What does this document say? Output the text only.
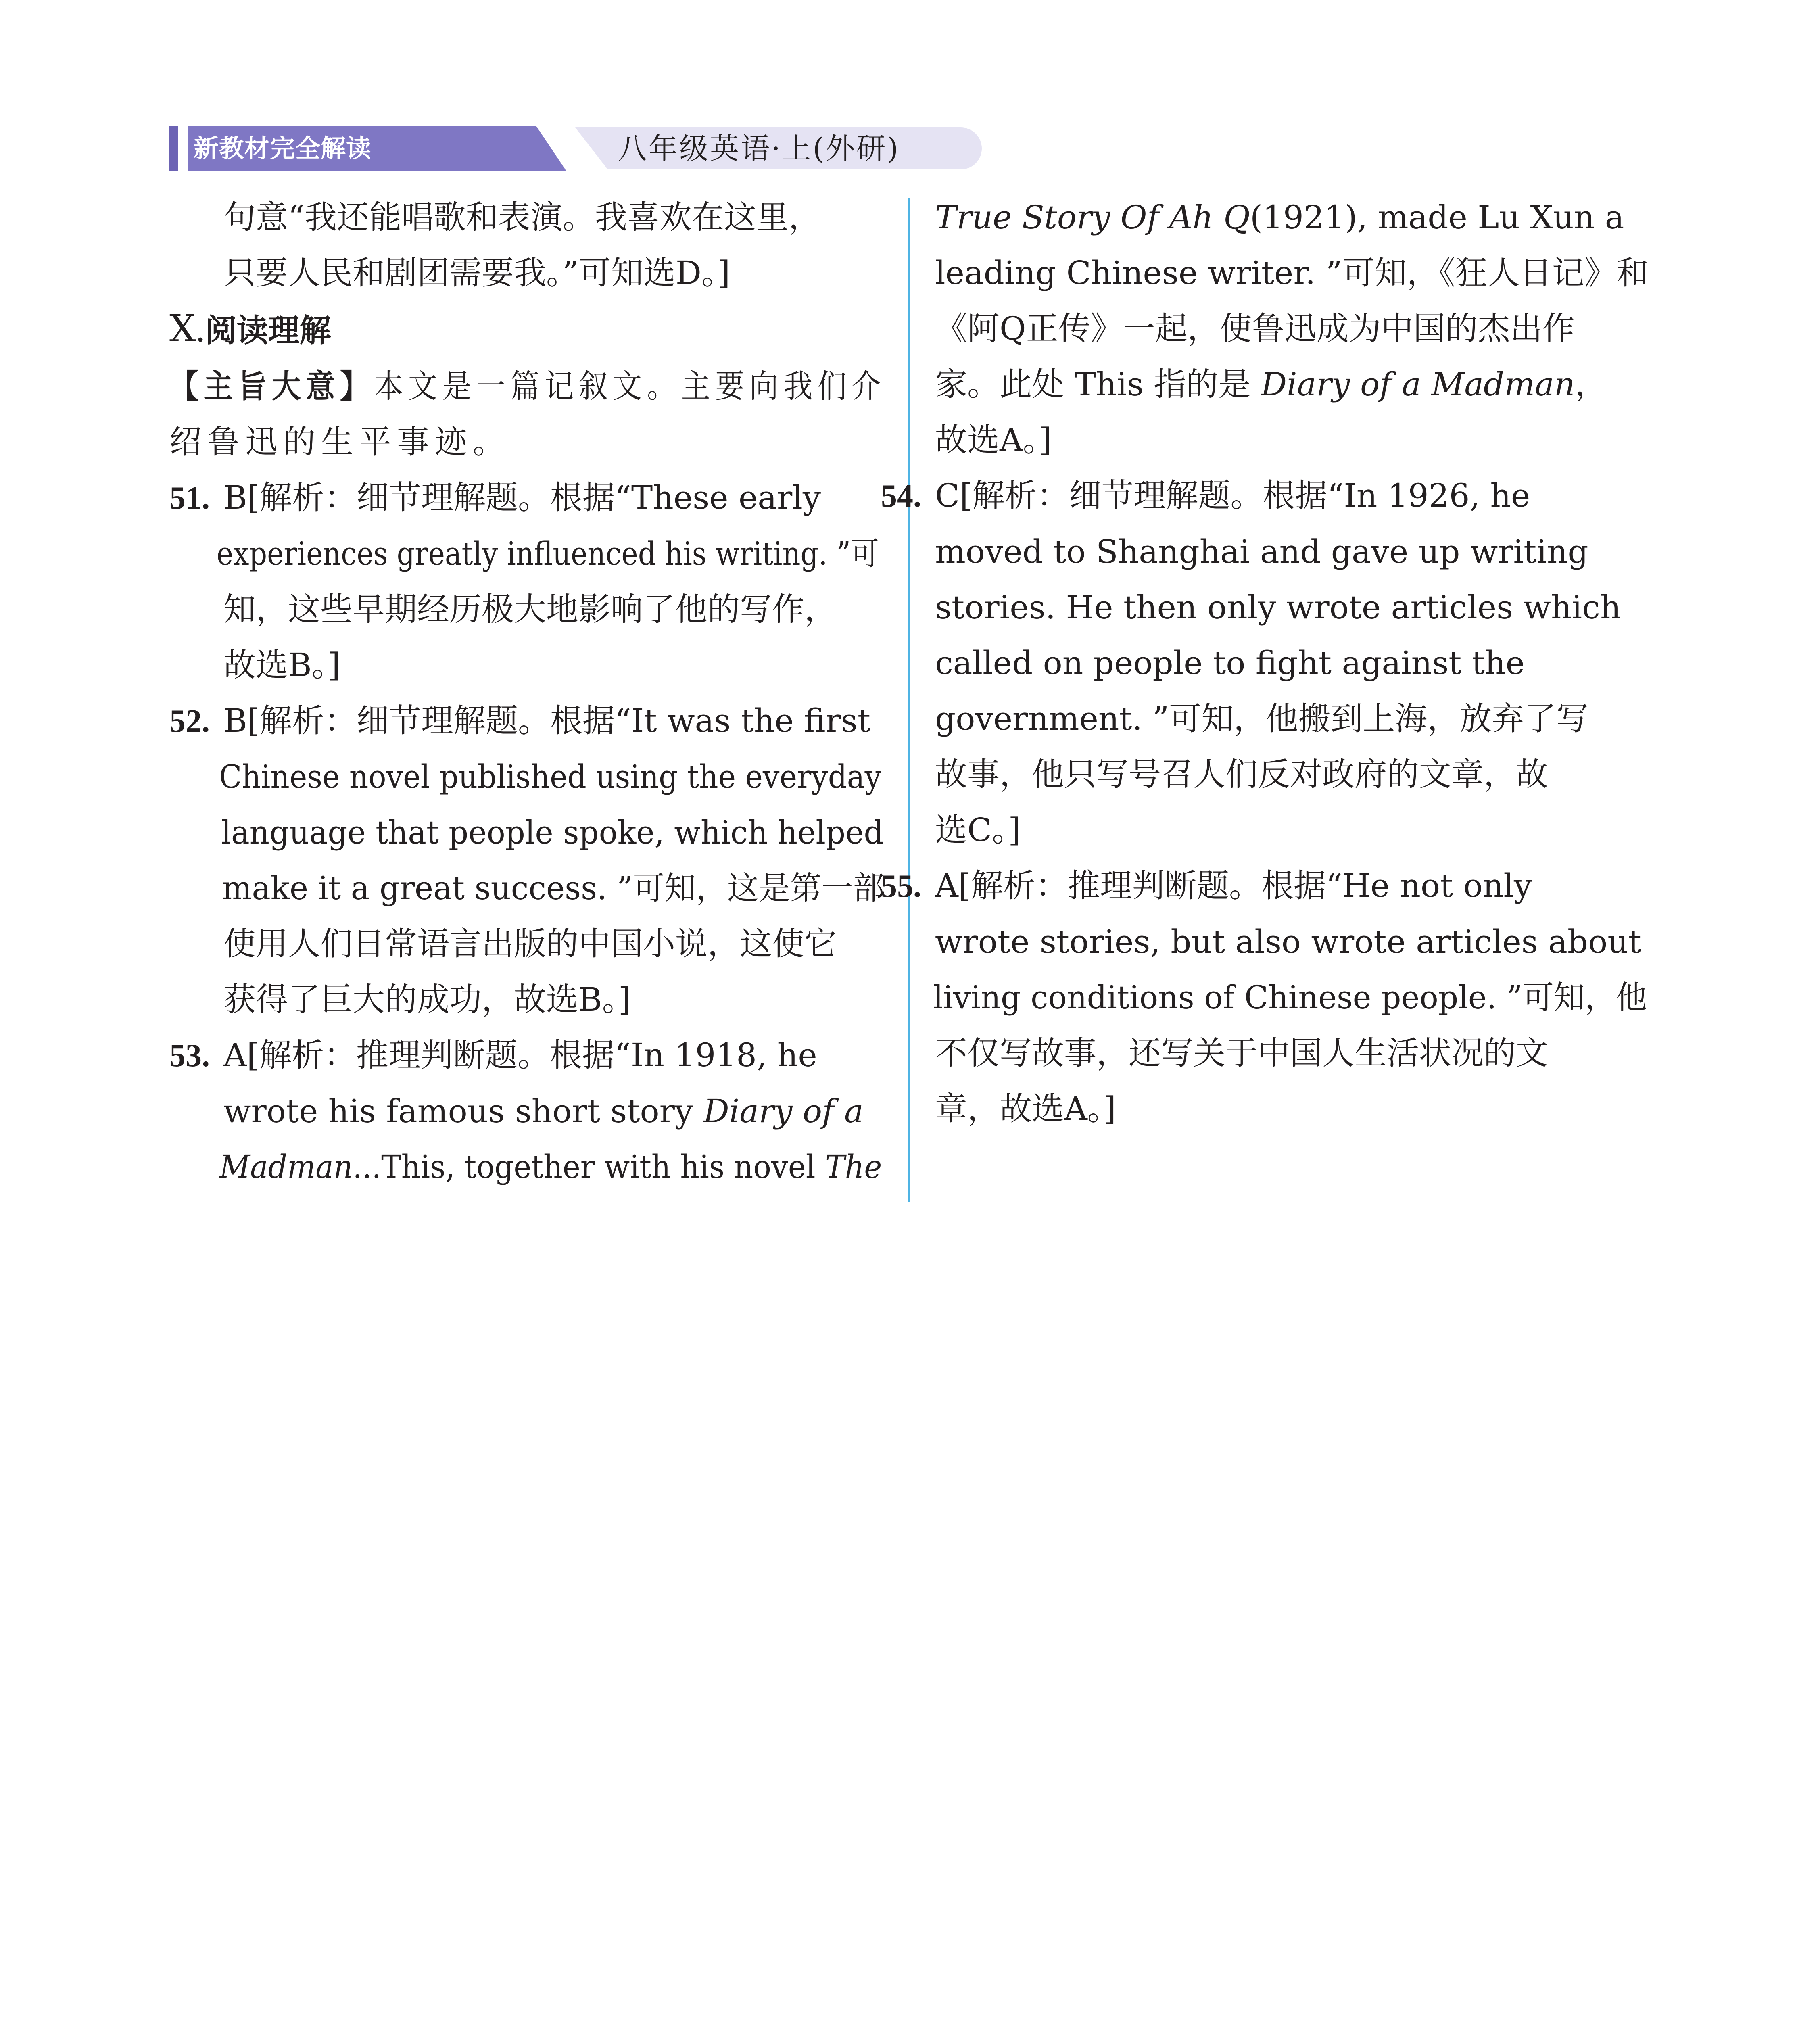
新教材完全解读	八年级英语·上(外研)
句意“我还能唱歌和表演。我喜欢在这里，
只要人民和剧团需要我。”可知选D。]
Ⅹ.阅读理解
【主旨大意】本文是一篇记叙文。主要向我们介
绍鲁迅的生平事迹。
51. B[解析：细节理解题。根据“These early
experiences greatly influenced his writing. ”可
知，这些早期经历极大地影响了他的写作，
故选B。]
52. B[解析：细节理解题。根据“It was the first
Chinese novel published using the everyday
language that people spoke, which helped
make it a great success. ”可知，这是第一部
使用人们日常语言出版的中国小说，这使它
获得了巨大的成功，故选B。]
53. A[解析：推理判断题。根据“In 1918, he
wrote his famous short story Diary of a
Madman...This, together with his novel The
True Story Of Ah Q(1921), made Lu Xun a
leading Chinese writer. ”可知，《狂人日记》和
《阿Q正传》一起，使鲁迅成为中国的杰出作
家。此处 This 指的是 Diary of a Madman，
故选A。]
54. C[解析：细节理解题。根据“In 1926, he
moved to Shanghai and gave up writing
stories. He then only wrote articles which
called on people to fight against the
government. ”可知，他搬到上海，放弃了写
故事，他只写号召人们反对政府的文章，故
选C。]
55. A[解析：推理判断题。根据“He not only
wrote stories, but also wrote articles about
living conditions of Chinese people. ”可知，他
不仅写故事，还写关于中国人生活状况的文
章，故选A。]
